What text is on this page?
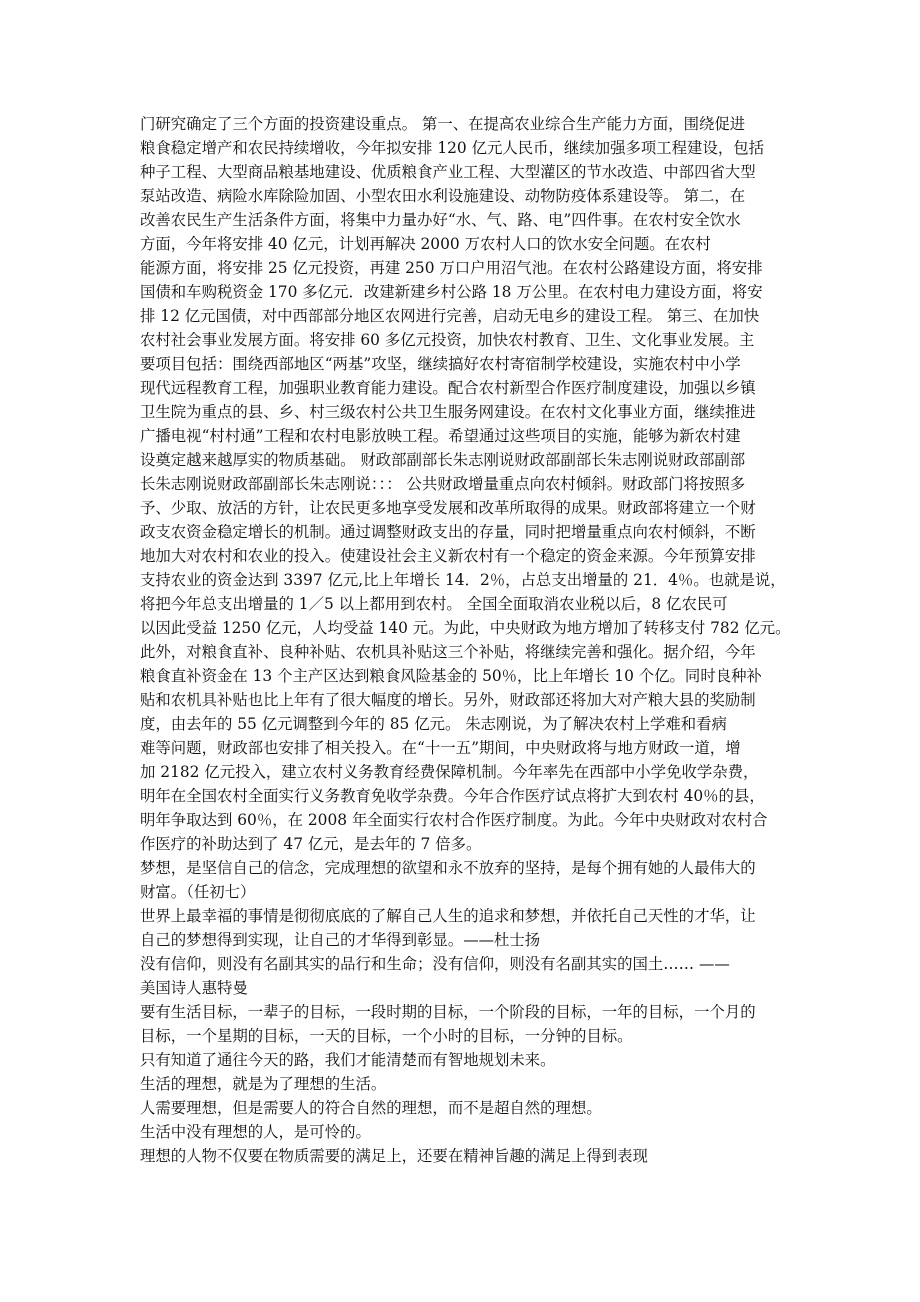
门研究确定了三个方面的投资建设重点。 第一、在提高农业综合生产能力方面，围绕促进
粮食稳定增产和农民持续增收，今年拟安排 120 亿元人民币，继续加强多项工程建设，包括
种子工程、大型商品粮基地建设、优质粮食产业工程、大型灌区的节水改造、中部四省大型
泵站改造、病险水库除险加固、小型农田水利设施建设、动物防疫体系建设等。 第二，在
改善农民生产生活条件方面，将集中力量办好“水、气、路、电”四件事。在农村安全饮水
方面，今年将安排 40 亿元，计划再解决 2000 万农村人口的饮水安全问题。在农村
能源方面，将安排 25 亿元投资，再建 250 万口户用沼气池。在农村公路建设方面，将安排
国债和车购税资金 170 多亿元．改建新建乡村公路 18 万公里。在农村电力建设方面，将安
排 12 亿元国债，对中西部部分地区农网进行完善，启动无电乡的建设工程。 第三、在加快
农村社会事业发展方面。将安排 60 多亿元投资，加快农村教育、卫生、文化事业发展。主
要项目包括：围绕西部地区“两基”攻坚，继续搞好农村寄宿制学校建设，实施农村中小学
现代远程教育工程，加强职业教育能力建设。配合农村新型合作医疗制度建设，加强以乡镇
卫生院为重点的县、乡、村三级农村公共卫生服务网建设。在农村文化事业方面，继续推进
广播电视“村村通”工程和农村电影放映工程。希望通过这些项目的实施，能够为新农村建
设奠定越来越厚实的物质基础。 财政部副部长朱志刚说财政部副部长朱志刚说财政部副部
长朱志刚说财政部副部长朱志刚说：：： 公共财政增量重点向农村倾斜。财政部门将按照多
予、少取、放活的方针，让农民更多地享受发展和改革所取得的成果。财政部将建立一个财
政支农资金稳定增长的机制。通过调整财政支出的存量，同时把增量重点向农村倾斜，不断
地加大对农村和农业的投入。使建设社会主义新农村有一个稳定的资金来源。今年预算安排
支持农业的资金达到 3397 亿元,比上年增长 14．2％，占总支出增量的 21．4％。也就是说，
将把今年总支出增量的 1／5 以上都用到农村。 全国全面取消农业税以后，8 亿农民可
以因此受益 1250 亿元，人均受益 140 元。为此，中央财政为地方增加了转移支付 782 亿元。
此外，对粮食直补、良种补贴、农机具补贴这三个补贴，将继续完善和强化。据介绍，今年
粮食直补资金在 13 个主产区达到粮食风险基金的 50％，比上年增长 10 个亿。同时良种补
贴和农机具补贴也比上年有了很大幅度的增长。另外，财政部还将加大对产粮大县的奖励制
度，由去年的 55 亿元调整到今年的 85 亿元。 朱志刚说，为了解决农村上学难和看病
难等问题，财政部也安排了相关投入。在“十一五”期间，中央财政将与地方财政一道，增
加 2182 亿元投入，建立农村义务教育经费保障机制。今年率先在西部中小学免收学杂费，
明年在全国农村全面实行义务教育免收学杂费。今年合作医疗试点将扩大到农村 40％的县，
明年争取达到 60％，在 2008 年全面实行农村合作医疗制度。为此。今年中央财政对农村合
作医疗的补助达到了 47 亿元，是去年的 7 倍多。
梦想，是坚信自己的信念，完成理想的欲望和永不放弃的坚持，是每个拥有她的人最伟大的
财富。（任初七）
世界上最幸福的事情是彻彻底底的了解自己人生的追求和梦想，并依托自己天性的才华，让
自己的梦想得到实现，让自己的才华得到彰显。——杜士扬
没有信仰，则没有名副其实的品行和生命；没有信仰，则没有名副其实的国土…… ——
美国诗人惠特曼
要有生活目标，一辈子的目标，一段时期的目标，一个阶段的目标，一年的目标，一个月的
目标，一个星期的目标，一天的目标，一个小时的目标，一分钟的目标。
只有知道了通往今天的路，我们才能清楚而有智地规划未来。
生活的理想，就是为了理想的生活。
人需要理想，但是需要人的符合自然的理想，而不是超自然的理想。
生活中没有理想的人，是可怜的。
理想的人物不仅要在物质需要的满足上，还要在精神旨趣的满足上得到表现
